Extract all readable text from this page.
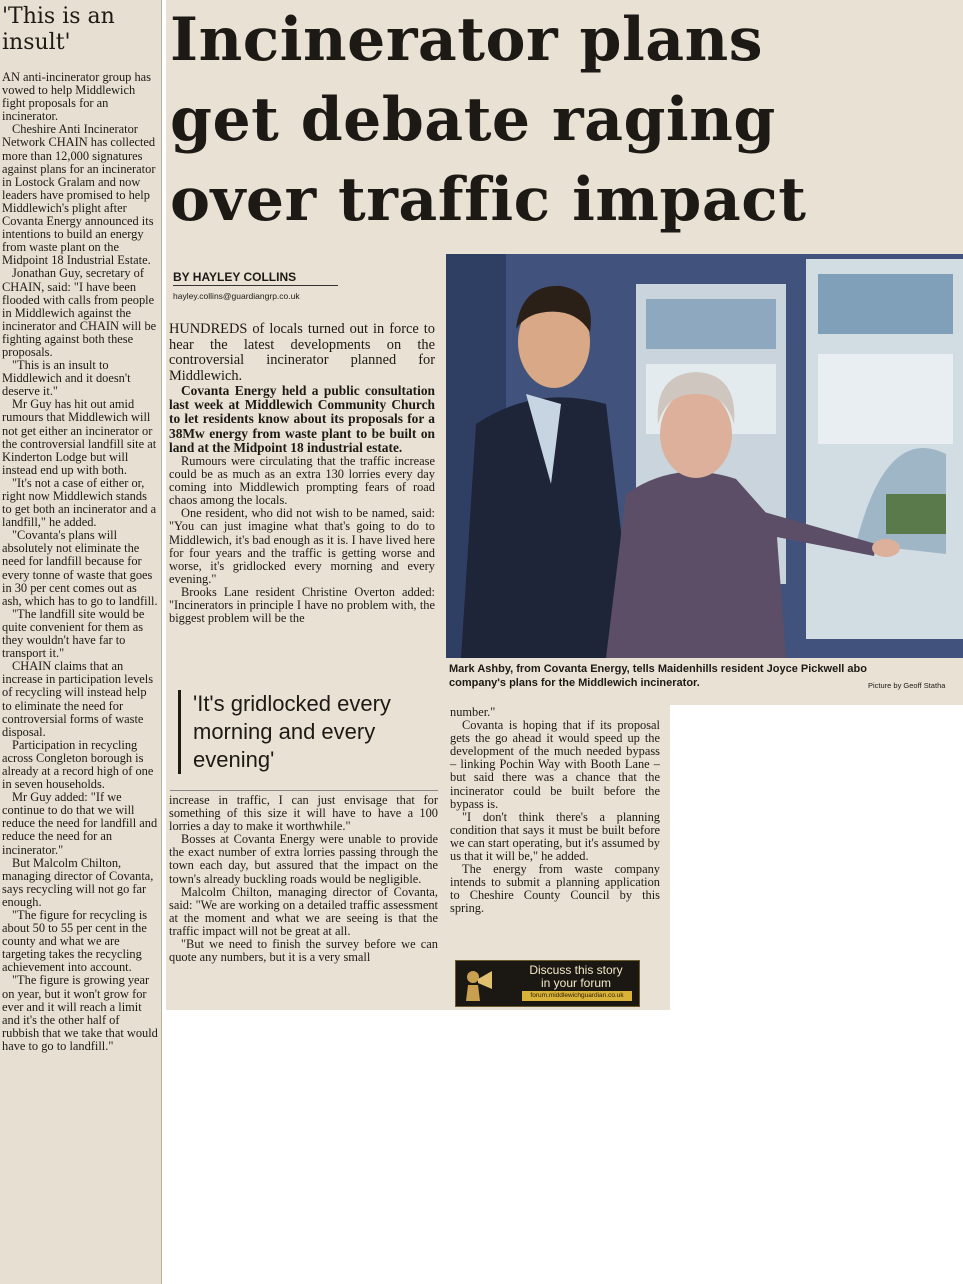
'This is an insult'

AN anti-incinerator group has vowed to help Middlewich fight proposals for an incinerator.

Cheshire Anti Incinerator Network CHAIN has collected more than 12,000 signatures against plans for an incinerator in Lostock Gralam and now leaders have promised to help Middlewich's plight after Covanta Energy announced its intentions to build an energy from waste plant on the Midpoint 18 Industrial Estate.

Jonathan Guy, secretary of CHAIN, said: "I have been flooded with calls from people in Middlewich against the incinerator and CHAIN will be fighting against both these proposals.

"This is an insult to Middlewich and it doesn't deserve it."

Mr Guy has hit out amid rumours that Middlewich will not get either an incinerator or the controversial landfill site at Kinderton Lodge but will instead end up with both.

"It's not a case of either or, right now Middlewich stands to get both an incinerator and a landfill," he added.

"Covanta's plans will absolutely not eliminate the need for landfill because for every tonne of waste that goes in 30 per cent comes out as ash, which has to go to landfill.

"The landfill site would be quite convenient for them as they wouldn't have far to transport it."

CHAIN claims that an increase in participation levels of recycling will instead help to eliminate the need for controversial forms of waste disposal.

Participation in recycling across Congleton borough is already at a record high of one in seven households.

Mr Guy added: "If we continue to do that we will reduce the need for landfill and reduce the need for an incinerator."

But Malcolm Chilton, managing director of Covanta, says recycling will not go far enough.

"The figure for recycling is about 50 to 55 per cent in the county and what we are targeting takes the recycling achievement into account.

"The figure is growing year on year, but it won't grow for ever and it will reach a limit and it's the other half of rubbish that we take that would have to go to landfill."

Incinerator plans
get debate raging
over traffic impact
BY HAYLEY COLLINS
hayley.collins@guardiangrp.co.uk

HUNDREDS of locals turned out in force to hear the latest developments on the controversial incinerator planned for Middlewich.

Covanta Energy held a public consultation last week at Middlewich Community Church to let residents know about its proposals for a 38Mw energy from waste plant to be built on land at the Midpoint 18 industrial estate.

Rumours were circulating that the traffic increase could be as much as an extra 130 lorries every day coming into Middlewich prompting fears of road chaos among the locals.

One resident, who did not wish to be named, said: "You can just imagine what that's going to do to Middlewich, it's bad enough as it is. I have lived here for four years and the traffic is getting worse and worse, it's gridlocked every morning and every evening."

Brooks Lane resident Christine Overton added: "Incinerators in principle I have no problem with, the biggest problem will be the

Mark Ashby, from Covanta Energy, tells Maidenhills resident Joyce Pickwell abo
company's plans for the Middlewich incinerator.	Picture by Geoff Statha
'It's gridlocked every morning and every evening'

increase in traffic, I can just envisage that for something of this size it will have to have a 100 lorries a day to make it worthwhile."

Bosses at Covanta Energy were unable to provide the exact number of extra lorries passing through the town each day, but assured that the impact on the town's already buckling roads would be negligible.

Malcolm Chilton, managing director of Covanta, said: "We are working on a detailed traffic assessment at the moment and what we are seeing is that the traffic impact will not be great at all.

"But we need to finish the survey before we can quote any numbers, but it is a very small

number."

Covanta is hoping that if its proposal gets the go ahead it would speed up the development of the much needed bypass – linking Pochin Way with Booth Lane – but said there was a chance that the incinerator could be built before the bypass is.

"I don't think there's a planning condition that says it must be built before we can start operating, but it's assumed by us that it will be," he added.

The energy from waste company intends to submit a planning application to Cheshire County Council by this spring.

Discuss this story
in your forum
forum.middlewichguardian.co.uk
